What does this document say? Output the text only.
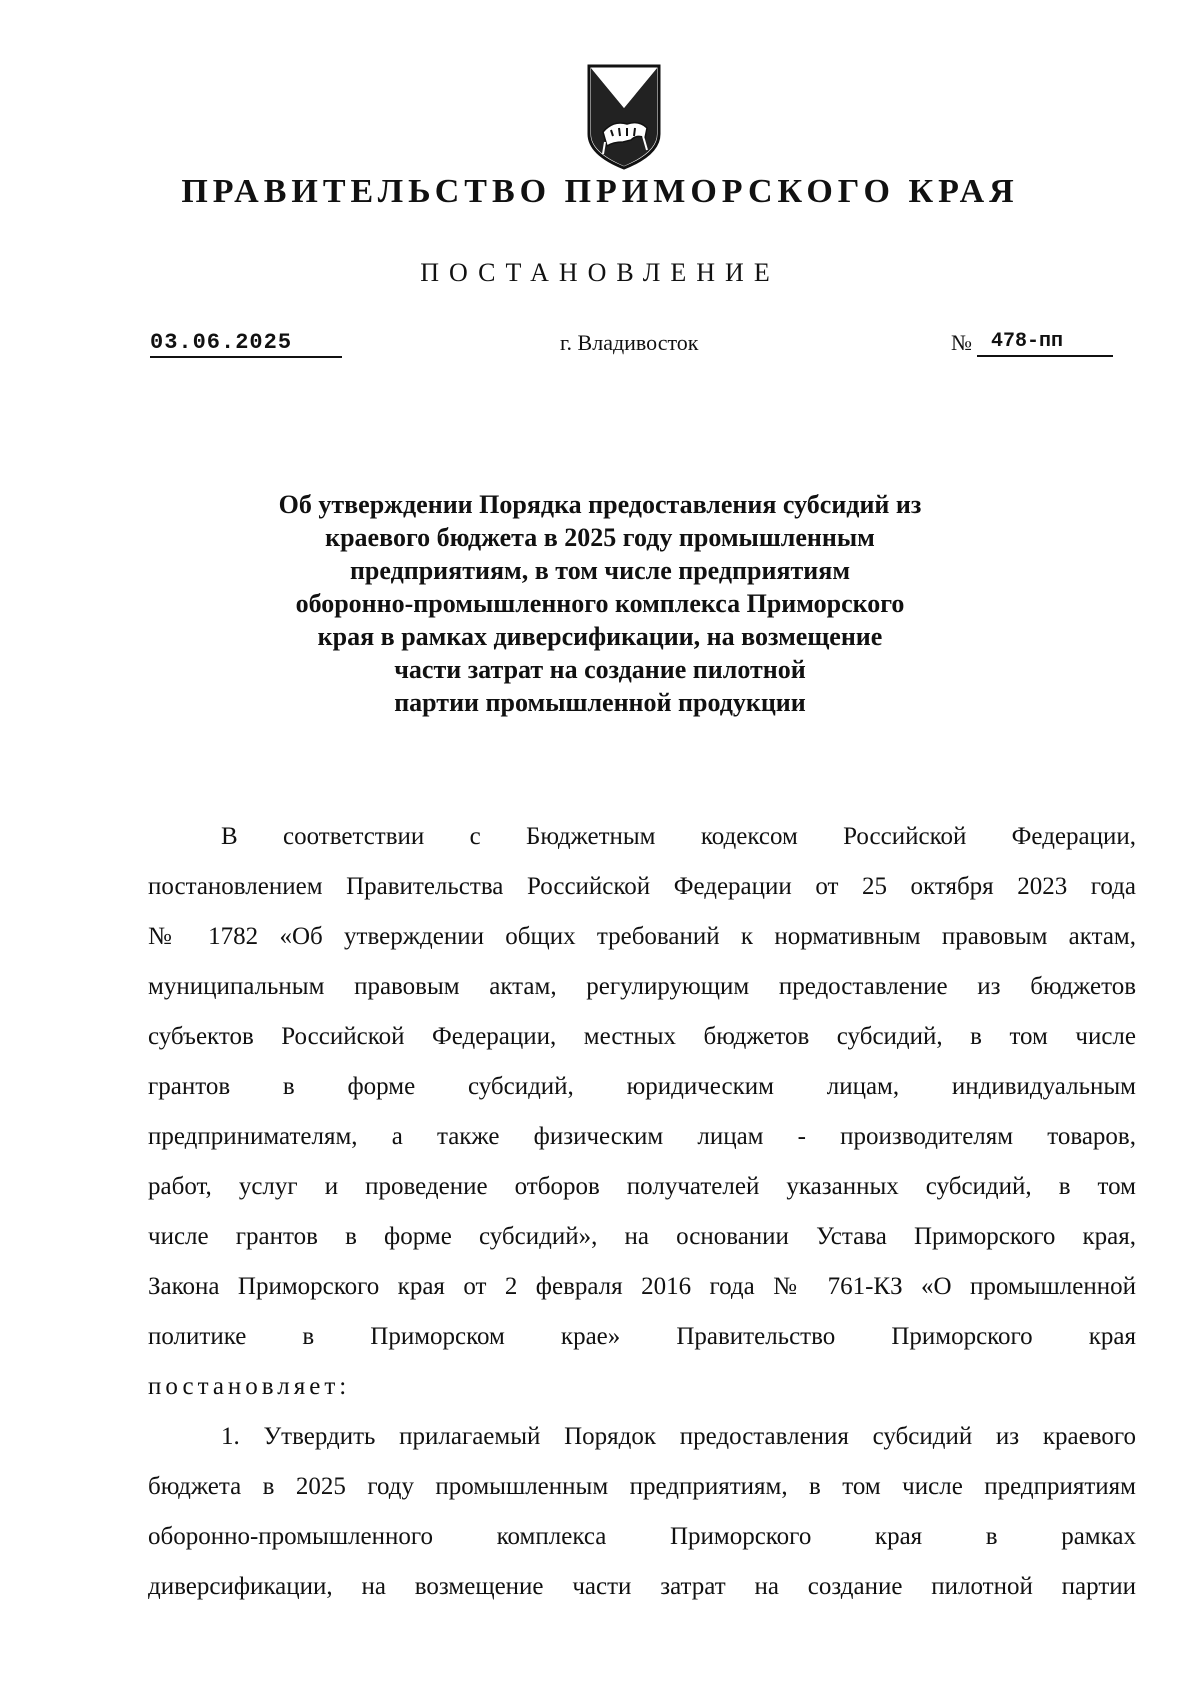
ПРАВИТЕЛЬСТВО ПРИМОРСКОГО КРАЯ
ПОСТАНОВЛЕНИЕ
03.06.2025	г. Владивосток	№ 478-пп
Об утверждении Порядка предоставления субсидий из
краевого бюджета в 2025 году промышленным
предприятиям, в том числе предприятиям
оборонно-промышленного комплекса Приморского
края в рамках диверсификации, на возмещение
части затрат на создание пилотной
партии промышленной продукции
В соответствии с Бюджетным кодексом Российской Федерации,
постановлением Правительства Российской Федерации от 25 октября 2023 года
№ 1782 «Об утверждении общих требований к нормативным правовым актам,
муниципальным правовым актам, регулирующим предоставление из бюджетов
субъектов Российской Федерации, местных бюджетов субсидий, в том числе
грантов в форме субсидий, юридическим лицам, индивидуальным
предпринимателям, а также физическим лицам - производителям товаров,
работ, услуг и проведение отборов получателей указанных субсидий, в том
числе грантов в форме субсидий», на основании Устава Приморского края,
Закона Приморского края от 2 февраля 2016 года № 761-КЗ «О промышленной
политике в Приморском крае» Правительство Приморского края
постановляет:
1. Утвердить прилагаемый Порядок предоставления субсидий из краевого
бюджета в 2025 году промышленным предприятиям, в том числе предприятиям
оборонно-промышленного комплекса Приморского края в рамках
диверсификации, на возмещение части затрат на создание пилотной партии
